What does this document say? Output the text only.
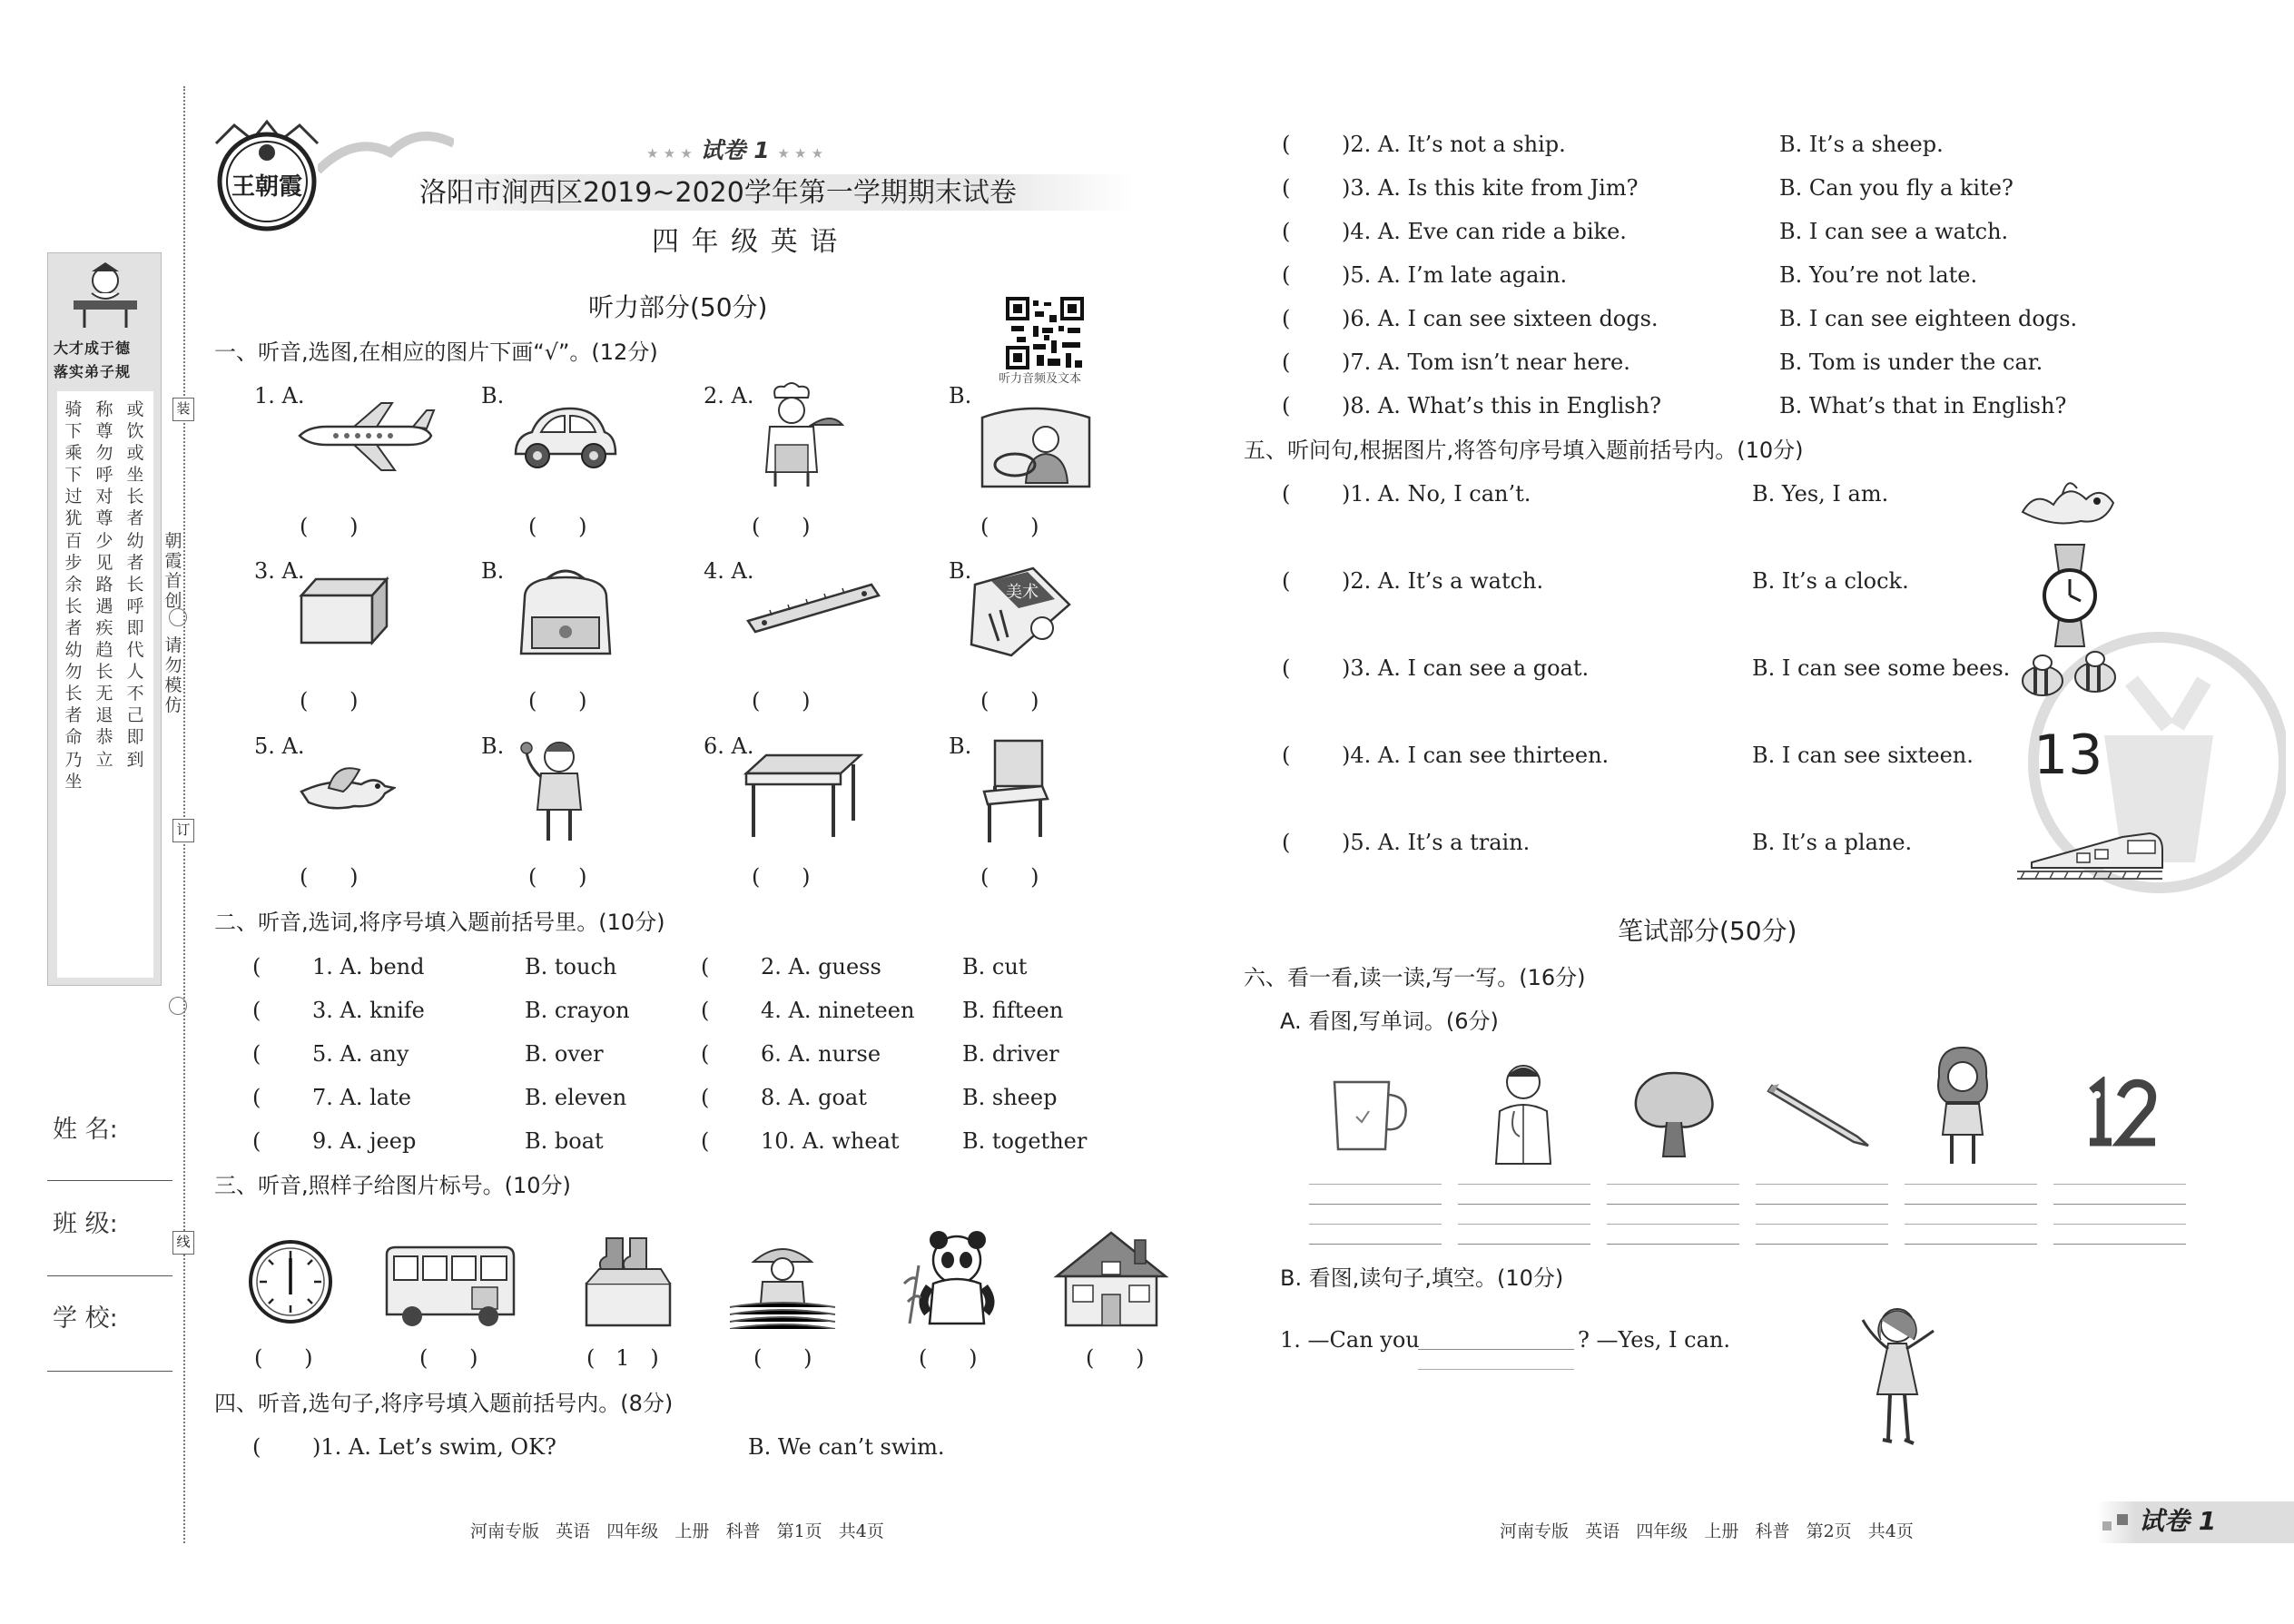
大才成于德
落实弟子规
骑下乘下过犹百步余长者幼勿长者命乃坐
称尊勿呼对尊少见路遇疾趋长无退恭立
或饮或坐长者幼者长呼即代人不己即到
装
订
线
朝霞首创
请勿模仿
姓 名:
班 级:
学 校:
王朝霞
★ ★ ★ 试卷 1 ★ ★ ★
洛阳市涧西区2019~2020学年第一学期期末试卷
四 年 级 英 语
听力音频及文本
听力部分(50分)
一、听音,选图,在相应的图片下画“√”。(12分)
1. A.	B.	2. A.	B.
(      )	(      )	(      )	(      )
3. A.	B.	4. A.	B.
美术
(      )	(      )	(      )	(      )
5. A.	B.	6. A.	B.
(      )	(      )	(      )	(      )
二、听音,选词,将序号填入题前括号里。(10分)
( 1. A. bend	B. touch	( 2. A. guess	B. cut
( 3. A. knife	B. crayon	( 4. A. nineteen B. fifteen
( 5. A. any	B. over	( 6. A. nurse	B. driver
( 7. A. late	B. eleven	( 8. A. goat	B. sheep
( 9. A. jeep	B. boat	( 10. A. wheat	B. together
三、听音,照样子给图片标号。(10分)
(      )	(      )	(   1   )	(      )	(      )	(      )
四、听音,选句子,将序号填入题前括号内。(8分)
( )1. A. Let’s swim, OK?	B. We can’t swim.
河南专版   英语   四年级   上册   科普   第1页   共4页
( )2. A. It’s not a ship.	B. It’s a sheep.
( )3. A. Is this kite from Jim?	B. Can you fly a kite?
( )4. A. Eve can ride a bike.	B. I can see a watch.
( )5. A. I’m late again.	B. You’re not late.
( )6. A. I can see sixteen dogs.	B. I can see eighteen dogs.
( )7. A. Tom isn’t near here.	B. Tom is under the car.
( )8. A. What’s this in English?	B. What’s that in English?
五、听问句,根据图片,将答句序号填入题前括号内。(10分)
( )1. A. No, I can’t.	B. Yes, I am.
( )2. A. It’s a watch.	B. It’s a clock.
( )3. A. I can see a goat.	B. I can see some bees.
( )4. A. I can see thirteen.	B. I can see sixteen. 13
( )5. A. It’s a train.	B. It’s a plane.
笔试部分(50分)
六、看一看,读一读,写一写。(16分)
A. 看图,写单词。(6分)
B. 看图,读句子,填空。(10分)
1. —Can you	? —Yes, I can.
河南专版   英语   四年级   上册   科普   第2页   共4页	试卷 1
